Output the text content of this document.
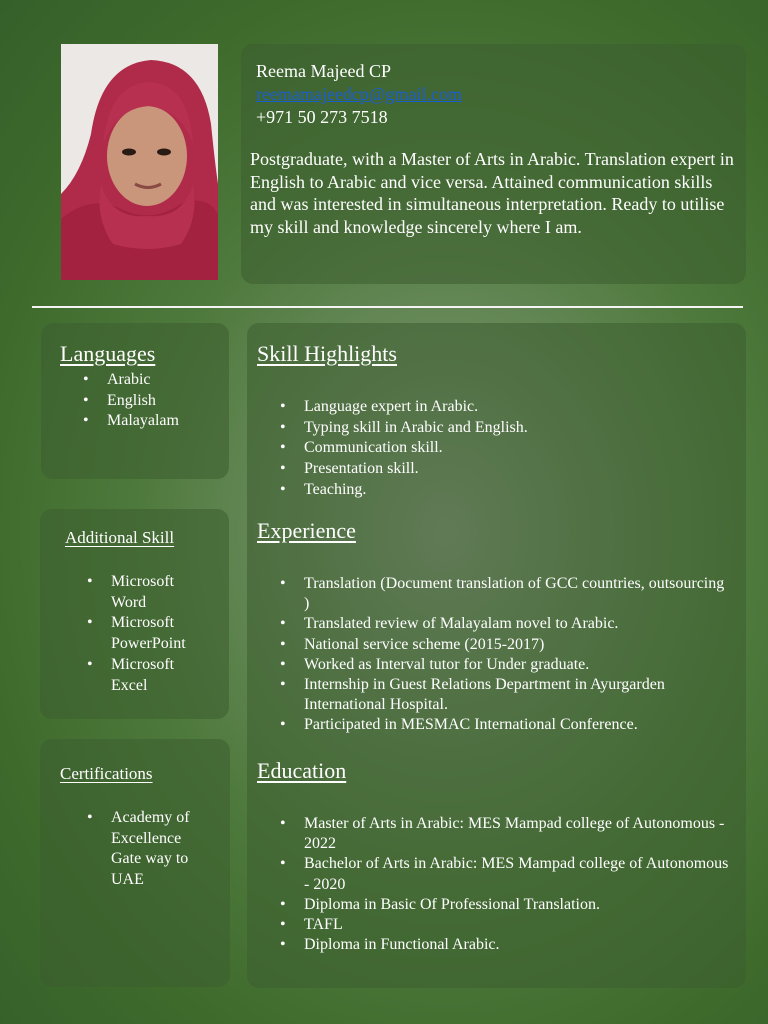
Reema Majeed CP
reemamajeedcp@gmail.com
+971 50 273 7518

Postgraduate, with a Master of Arts in Arabic. Translation expert in English to Arabic and vice versa. Attained communication skills and was interested in simultaneous interpretation. Ready to utilise my skill and knowledge sincerely where I am.

Languages
• Arabic
• English
• Malayalam
Additional Skill
• Microsoft Word
• Microsoft PowerPoint
• Microsoft Excel
Certifications
• Academy of Excellence Gate way to UAE
Skill Highlights
• Language expert in Arabic.
• Typing skill in Arabic and English.
• Communication skill.
• Presentation skill.
• Teaching.
Experience
• Translation (Document translation of GCC countries, outsourcing )
• Translated review of Malayalam novel to Arabic.
• National service scheme (2015-2017)
• Worked as Interval tutor for Under graduate.
• Internship in Guest Relations Department in Ayurgarden International Hospital.
• Participated in MESMAC International Conference.
Education
• Master of Arts in Arabic: MES Mampad college of Autonomous - 2022
• Bachelor of Arts in Arabic: MES Mampad college of Autonomous - 2020
• Diploma in Basic Of Professional Translation.
• TAFL
• Diploma in Functional Arabic.
